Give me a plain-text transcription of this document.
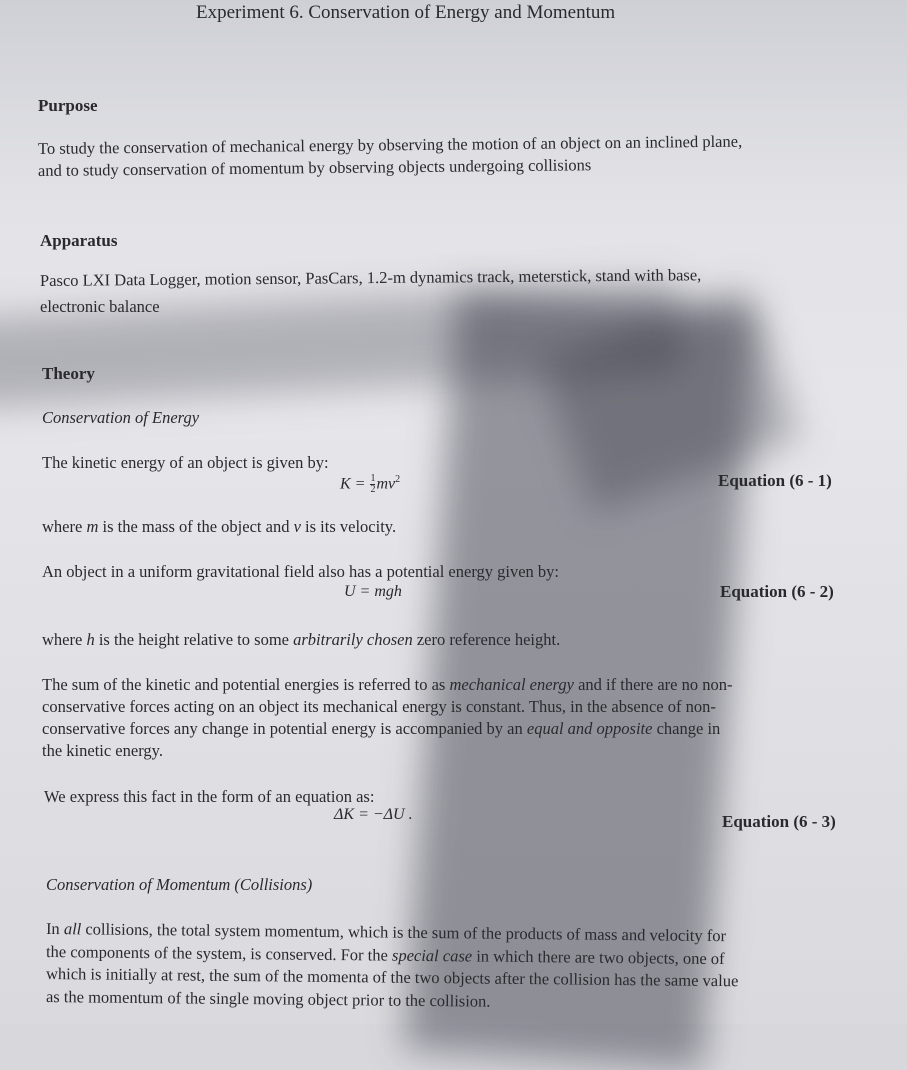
Experiment 6. Conservation of Energy and Momentum
Purpose
To study the conservation of mechanical energy by observing the motion of an object on an inclined plane,
and to study conservation of momentum by observing objects undergoing collisions
Apparatus
Pasco LXI Data Logger, motion sensor, PasCars, 1.2-m dynamics track, meterstick, stand with base,
electronic balance
Theory
Conservation of Energy
The kinetic energy of an object is given by:
$K = \frac{1}{2} mv^2$	Equation (6 - 1)
where m is the mass of the object and v is its velocity.
An object in a uniform gravitational field also has a potential energy given by:
U = mgh	Equation (6 - 2)
where h is the height relative to some arbitrarily chosen zero reference height.
The sum of the kinetic and potential energies is referred to as mechanical energy and if there are no non-
conservative forces acting on an object its mechanical energy is constant. Thus, in the absence of non-
conservative forces any change in potential energy is accompanied by an equal and opposite change in
the kinetic energy.
We express this fact in the form of an equation as:
ΔK = −ΔU .	Equation (6 - 3)
Conservation of Momentum (Collisions)
In all collisions, the total system momentum, which is the sum of the products of mass and velocity for
the components of the system, is conserved. For the special case in which there are two objects, one of
which is initially at rest, the sum of the momenta of the two objects after the collision has the same value
as the momentum of the single moving object prior to the collision.
